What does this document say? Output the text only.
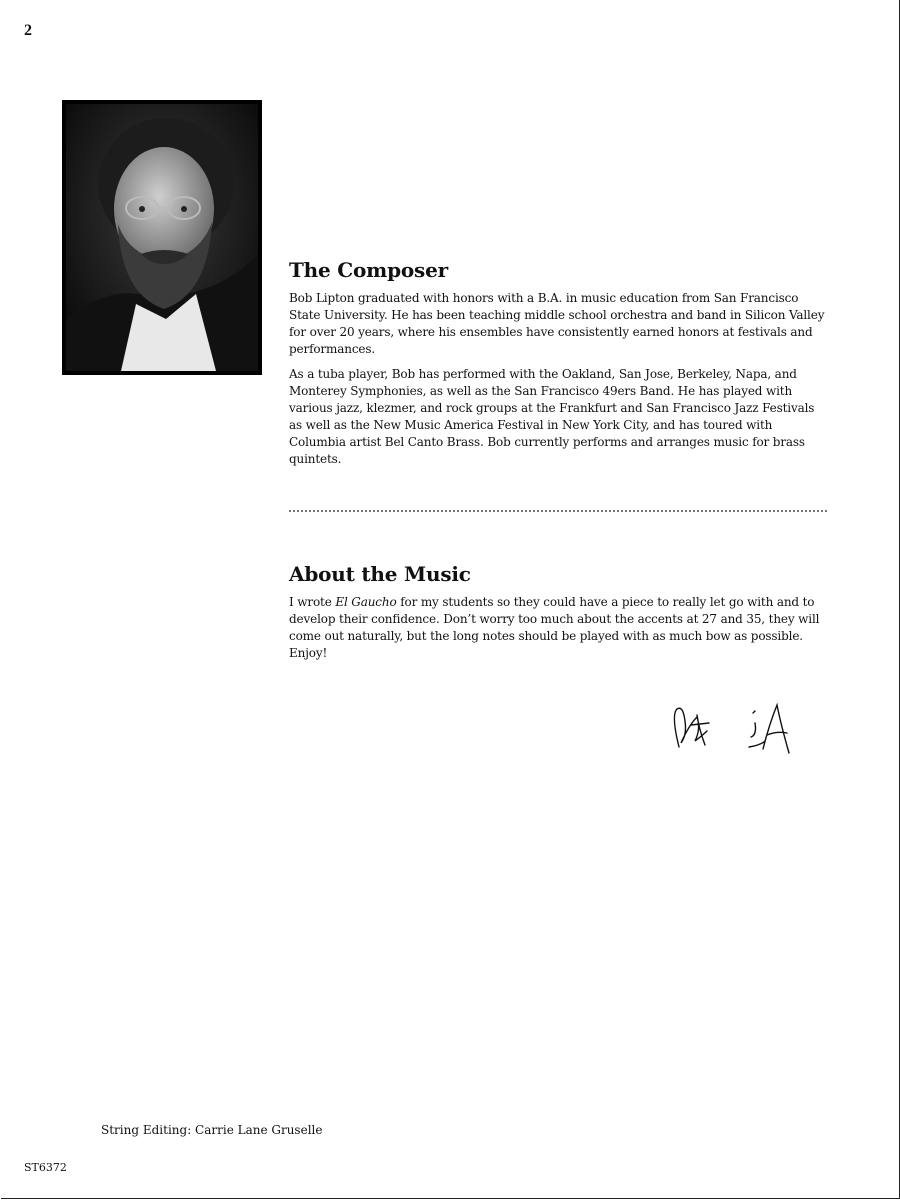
2
The Composer

Bob Lipton graduated with honors with a B.A. in music education from San Francisco State University. He has been teaching middle school orchestra and band in Silicon Valley for over 20 years, where his ensembles have consistently earned honors at festivals and performances.

As a tuba player, Bob has performed with the Oakland, San Jose, Berkeley, Napa, and Monterey Symphonies, as well as the San Francisco 49ers Band. He has played with various jazz, klezmer, and rock groups at the Frankfurt and San Francisco Jazz Festivals as well as the New Music America Festival in New York City, and has toured with Columbia artist Bel Canto Brass. Bob currently performs and arranges music for brass quintets.

About the Music

I wrote El Gaucho for my students so they could have a piece to really let go with and to develop their confidence. Don’t worry too much about the accents at 27 and 35, they will come out naturally, but the long notes should be played with as much bow as possible. Enjoy!

String Editing: Carrie Lane Gruselle
ST6372
